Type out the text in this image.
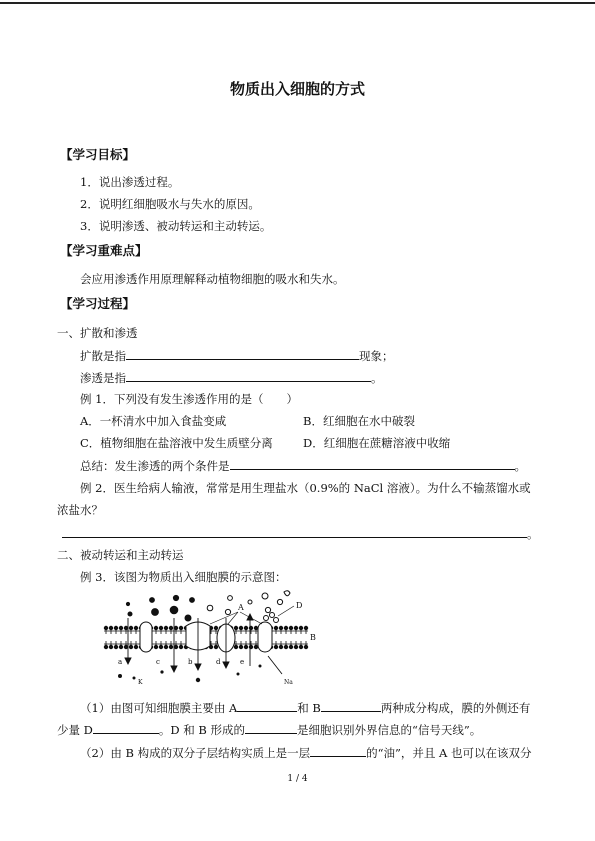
物质出入细胞的方式
【学习目标】
1．说出渗透过程。
2．说明红细胞吸水与失水的原因。
3．说明渗透、被动转运和主动转运。
【学习重难点】
会应用渗透作用原理解释动植物细胞的吸水和失水。
【学习过程】
一、扩散和渗透
扩散是指	现象；
渗透是指	。
例 1．下列没有发生渗透作用的是（　　）
A．一杯清水中加入食盐变咸	B．红细胞在水中破裂
C．植物细胞在盐溶液中发生质壁分离	D．红细胞在蔗糖溶液中收缩
总结：发生渗透的两个条件是	。
例 2．医生给病人输液，常常是用生理盐水（0.9%的 NaCl 溶液）。为什么不输蒸馏水或
浓盐水？
。
二、被动转运和主动转运
例 3．该图为物质出入细胞膜的示意图：
A	D
B
c
a	b	d	e
K	Na
（1）由图可知细胞膜主要由 A	和 B	两种成分构成，膜的外侧还有
少量 D	。D 和 B 形成的	是细胞识别外界信息的“信号天线”。
（2）由 B 构成的双分子层结构实质上是一层	的“油”，并且 A 也可以在该双分
1 / 4
